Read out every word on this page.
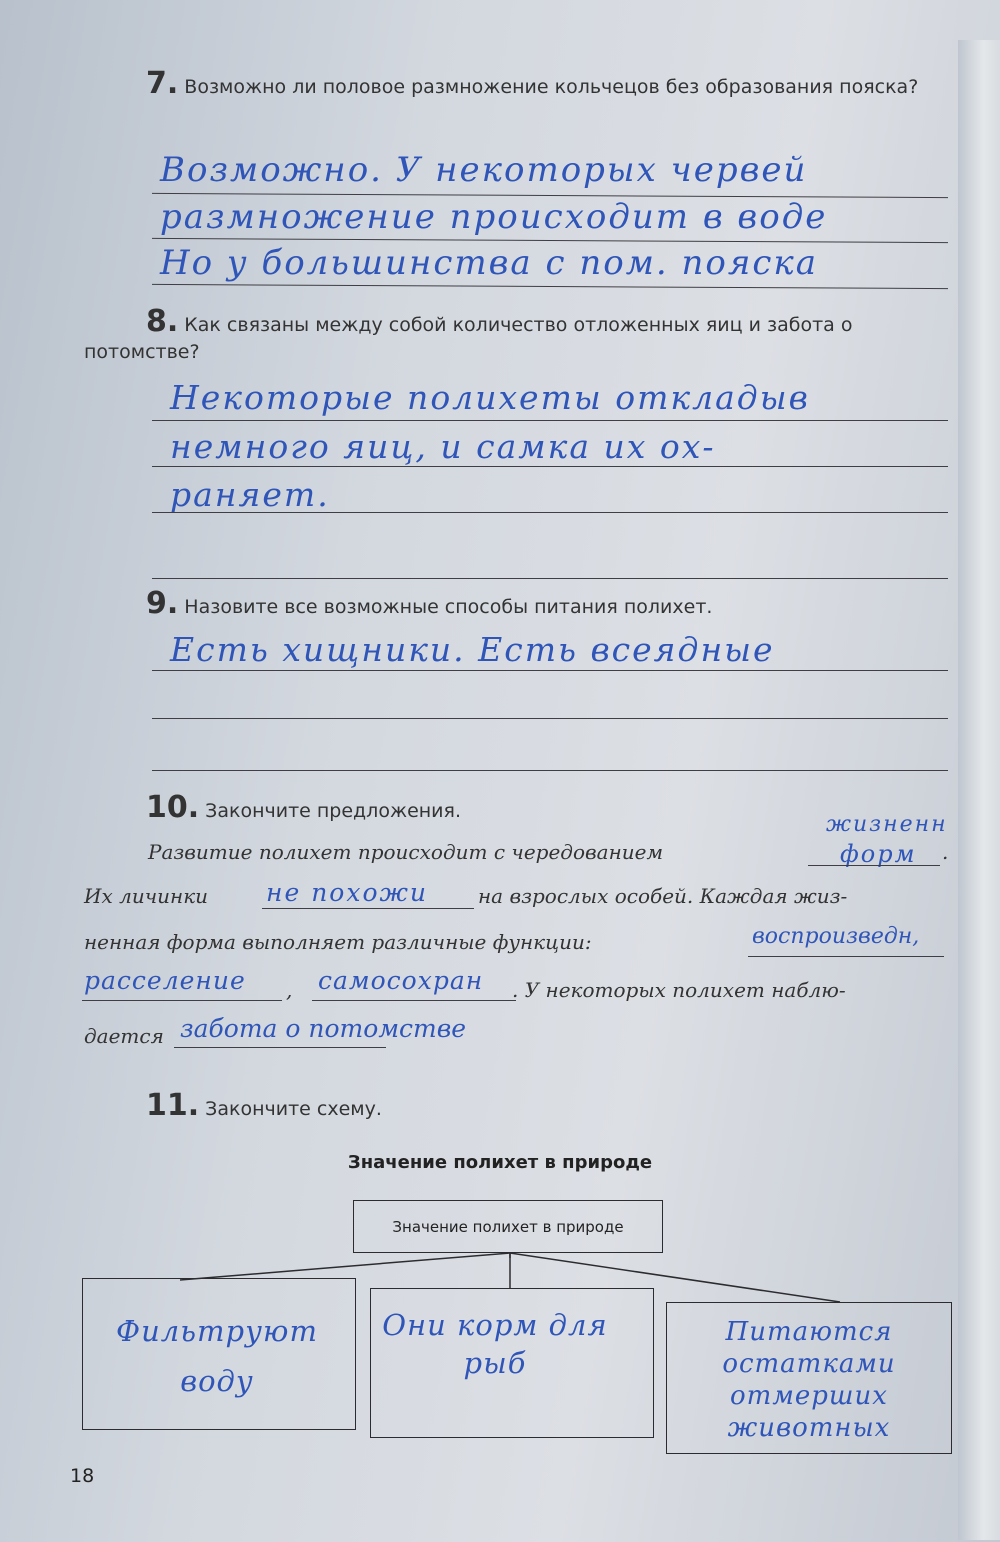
7. Возможно ли половое размножение кольчецов без образования пояска?
Возможно. У некоторых червей
размножение происходит в воде
Но у большинства с пом. пояска
8. Как связаны между собой количество отложенных яиц и забота о потомстве?
Некоторые полихеты откладыв
немного яиц, и самка их ох-
раняет.
9. Назовите все возможные способы питания полихет.
Есть хищники. Есть всеядные
10. Закончите предложения.
Развитие полихет происходит с чередованием
жизненн
форм .
Их личинки	не похожи на взрослых особей. Каждая жиз-
ненная форма выполняет различные функции:	воспроизведн,
расселение ,	самосохран . У некоторых полихет наблю-
дается забота о потомстве
11. Закончите схему.
Значение полихет в природе
Значение полихет в природе
Фильтруют воду
Они корм для рыб
Питаются остатками отмерших животных
18
